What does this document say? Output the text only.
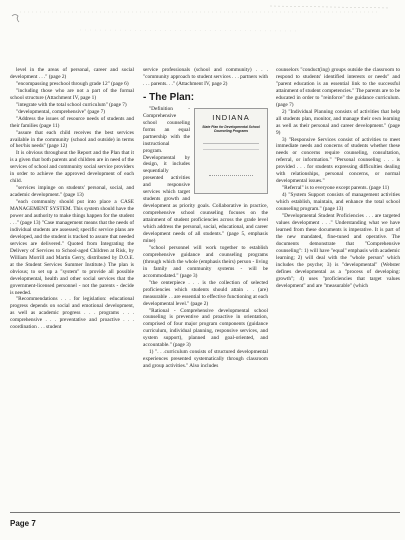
level in the areas of personal, career and social development . . ." (page 2)

"encompassing preschool through grade 12" (page 6)

"including those who are not a part of the formal school structure (Attachment IV, page 1)

"integrate with the total school curriculum" (page 7)

"developmental, comprehensive" (page 7)

"Address the issues of resource needs of students and their families (page 11)

"assure that each child receives the best services available in the community (school and outside) in terms of her/his needs" (page 12)

It is obvious throughout the Report and the Plan that it is a given that both parents and children are in need of the services of school and community social service providers in order to achieve the approved development of each child.

"services impinge on students' personal, social, and academic development." (page 13)

"each community should put into place a CASE MANAGEMENT SYSTEM. This system should have the power and authority to make things happen for the student . . ." (page 13) "Case management means that the needs of individual students are assessed; specific service plans are developed, and the student is tracked to assure that needed services are delivered." Quoted from Integrating the Delivery of Services to School-aged Children at Risk, by William Morrill and Martin Gerry, distributed by D.O.E. at the Student Services Summer Institute.) The plan is obvious; to set up a "system" to provide all possible developmental, health and other social services that the government-licensed personnel - not the parents - decide is needed.

"Recommendations . . . for legislation: educational progress depends on social and emotional development, as well as academic progress . . . programs . . . comprehensive . . . preventative and proactive . . . coordination . . . student

service professionals (school and community) . . . "community approach to student services . . . partners with . . . parents. . ." (Attachment IV, page 2)

- The Plan:
INDIANA
State Plan for Developmental School Counseling Programs

"Definition - Comprehensive school counseling forms an equal partnership with the instructional program. Developmental by design, it includes sequentially presented activities and responsive services which target students growth and development as priority goals. Collaborative in practice, comprehensive school counseling focuses on the attainment of student proficiencies across the grade level which address the personal, social, educational, and career development needs of all students." (page 5, emphasis mine)

"school personnel will work together to establish comprehensive guidance and counseling programs (through which the whole (emphasis theirs) person - living in family and community systems - will be accommodated." (page 3)

"the centerpiece . . . is the collection of selected proficiencies which students should attain . . (are) measurable . . are essential to effective functioning at each developmental level." (page 2)

"Rational - Comprehensive developmental school counseling is preventive and proactive in orientation, comprised of four major program components (guidance curriculum, individual planning, responsive services, and system support), planned and goal-oriented, and accountable." (page 3)

1) ". . .curriculum consists of structured developmental experiences presented systematically through classroom and group activities." Also includes

counselors "conduct(ing) groups outside the classroom to respond to students' identified interests or needs" and "parent education is an essential link to the successful attainment of student competencies." The parents are to be educated in order to "reinforce" the guidance curriculum. (page 7)

2) "Individual Planning consists of activities that help all students plan, monitor, and manage their own learning as well as their personal and career development." (page 9)

3) "Responsive Services consist of activities to meet immediate needs and concerns of students whether these needs or concerns require counseling, consultation, referral, or information." "Personal counseling . . . is provided . . . for students expressing difficulties dealing with relationships, personal concerns, or normal developmental issues."

"Referral" is to everyone except parents. (page 11)

4) "System Support consists of management activities which establish, maintain, and enhance the total school counseling program." (page 13)

"Developmental Student Proficiencies . . . are targeted values development . . ." Understanding what we have learned from these documents is imperative. It is part of the new mandated, fine-tuned and operative. The documents demonstrate that "Comprehensive counseling": 1) will have "equal" emphasis with academic learning; 2) will deal with the "whole person" which includes the psyche; 3) is "developmental" (Webster defines developmental as a "process of developing: growth"; 4) uses "proficiencies that target values development" and are "measurable" (which

Page 7
